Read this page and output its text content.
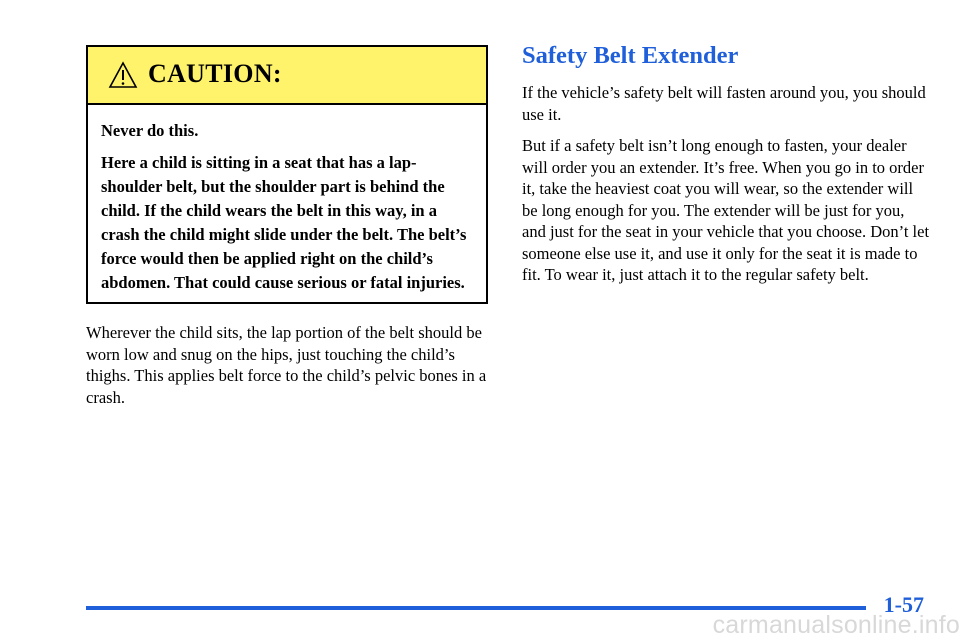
CAUTION:

Never do this.

Here a child is sitting in a seat that has a lap-shoulder belt, but the shoulder part is behind the child. If the child wears the belt in this way, in a crash the child might slide under the belt. The belt’s force would then be applied right on the child’s abdomen. That could cause serious or fatal injuries.

Wherever the child sits, the lap portion of the belt should be worn low and snug on the hips, just touching the child’s thighs. This applies belt force to the child’s pelvic bones in a crash.

Safety Belt Extender

If the vehicle’s safety belt will fasten around you, you should use it.

But if a safety belt isn’t long enough to fasten, your dealer will order you an extender. It’s free. When you go in to order it, take the heaviest coat you will wear, so the extender will be long enough for you. The extender will be just for you, and just for the seat in your vehicle that you choose. Don’t let someone else use it, and use it only for the seat it is made to fit. To wear it, just attach it to the regular safety belt.

1-57
carmanualsonline.info
